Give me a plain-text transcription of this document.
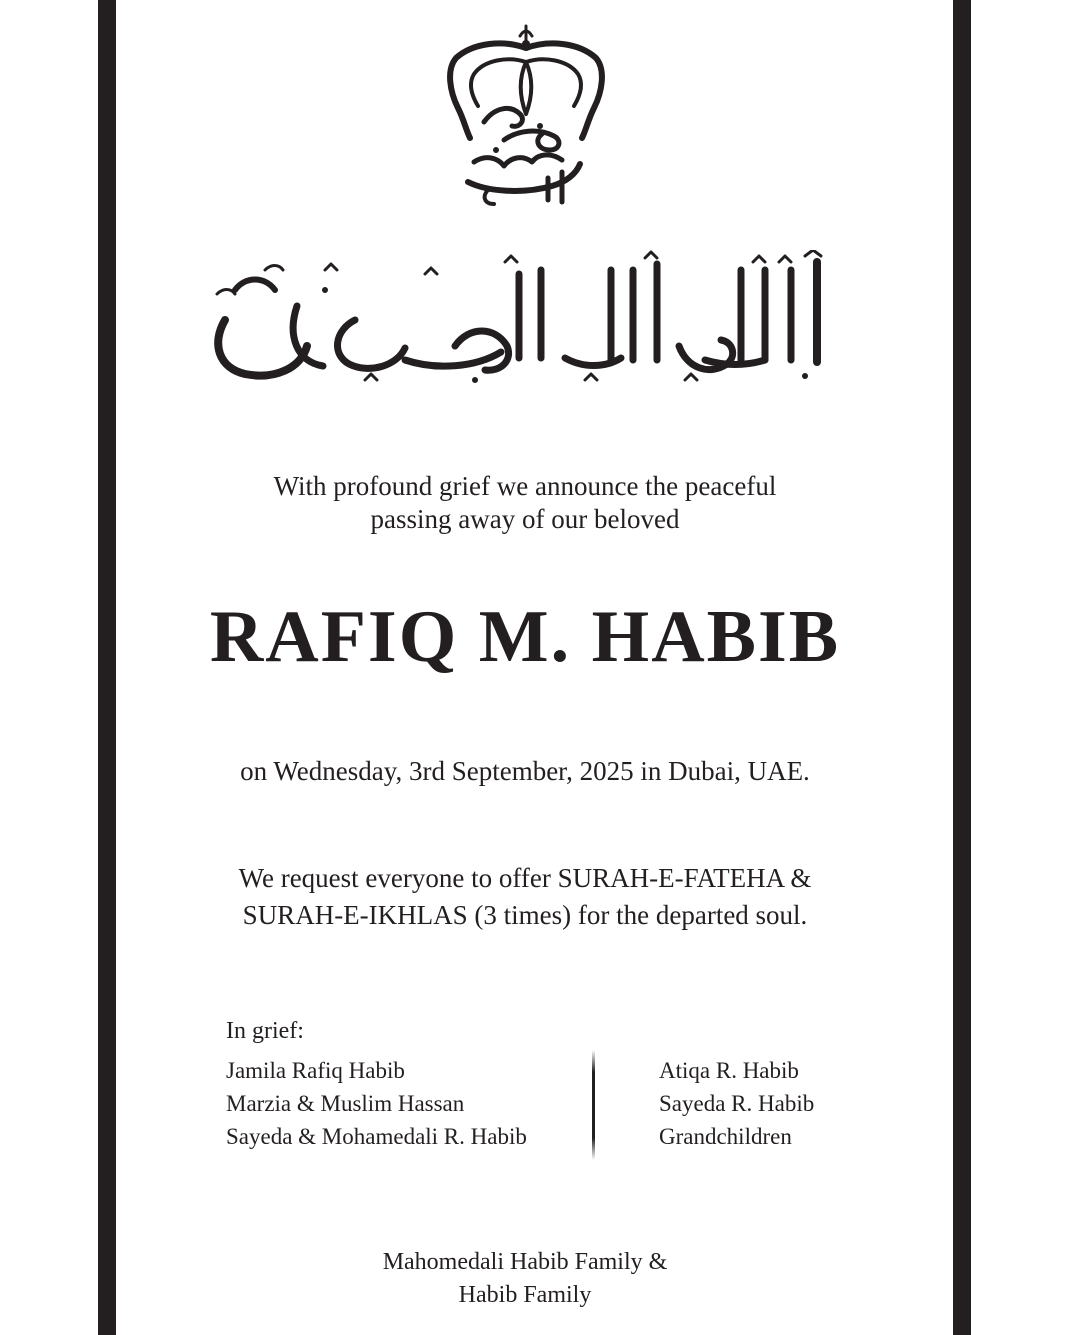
With profound grief we announce the peaceful
passing away of our beloved
RAFIQ M. HABIB
on Wednesday, 3rd September, 2025 in Dubai, UAE.
We request everyone to offer SURAH-E-FATEHA &
SURAH-E-IKHLAS (3 times) for the departed soul.
In grief:
Jamila Rafiq Habib
Marzia & Muslim Hassan
Sayeda & Mohamedali R. Habib
Atiqa R. Habib
Sayeda R. Habib
Grandchildren
Mahomedali Habib Family &
Habib Family
